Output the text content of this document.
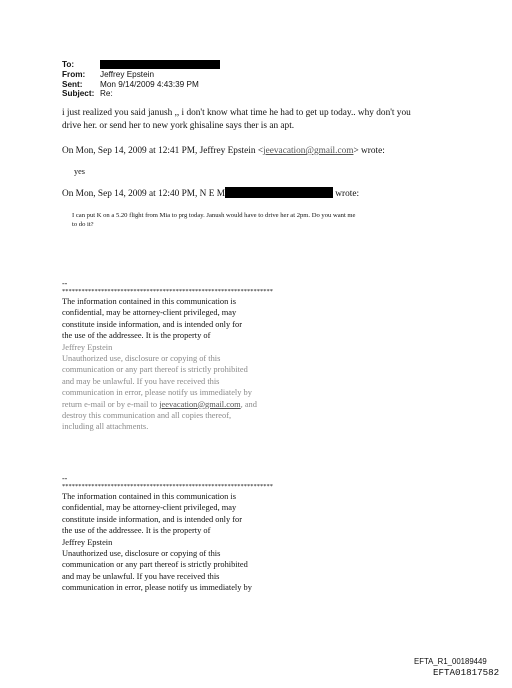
To:
From:	Jeffrey Epstein
Sent:	Mon 9/14/2009 4:43:39 PM
Subject: Re:
i just realized you said janush ,, i don't know what time he had to get up today.. why don't you
drive her. or send her to new york ghisaline says ther is an apt.
On Mon, Sep 14, 2009 at 12:41 PM, Jeffrey Epstein <jeevacation@gmail.com> wrote:
yes
On Mon, Sep 14, 2009 at 12:40 PM, N E M	wrote:
I can put K on a 5.20 flight from Mia to prg today. Janush would have to drive her at 2pm. Do you want me
to do it?
--
*****************************************************************
The information contained in this communication is
confidential, may be attorney-client privileged, may
constitute inside information, and is intended only for
the use of the addressee. It is the property of
Jeffrey Epstein
Unauthorized use, disclosure or copying of this
communication or any part thereof is strictly prohibited
and may be unlawful. If you have received this
communication in error, please notify us immediately by
return e-mail or by e-mail to jeevacation@gmail.com, and
destroy this communication and all copies thereof,
including all attachments.
--
*****************************************************************
The information contained in this communication is
confidential, may be attorney-client privileged, may
constitute inside information, and is intended only for
the use of the addressee. It is the property of
Jeffrey Epstein
Unauthorized use, disclosure or copying of this
communication or any part thereof is strictly prohibited
and may be unlawful. If you have received this
communication in error, please notify us immediately by
EFTA_R1_00189449
EFTA01817582
